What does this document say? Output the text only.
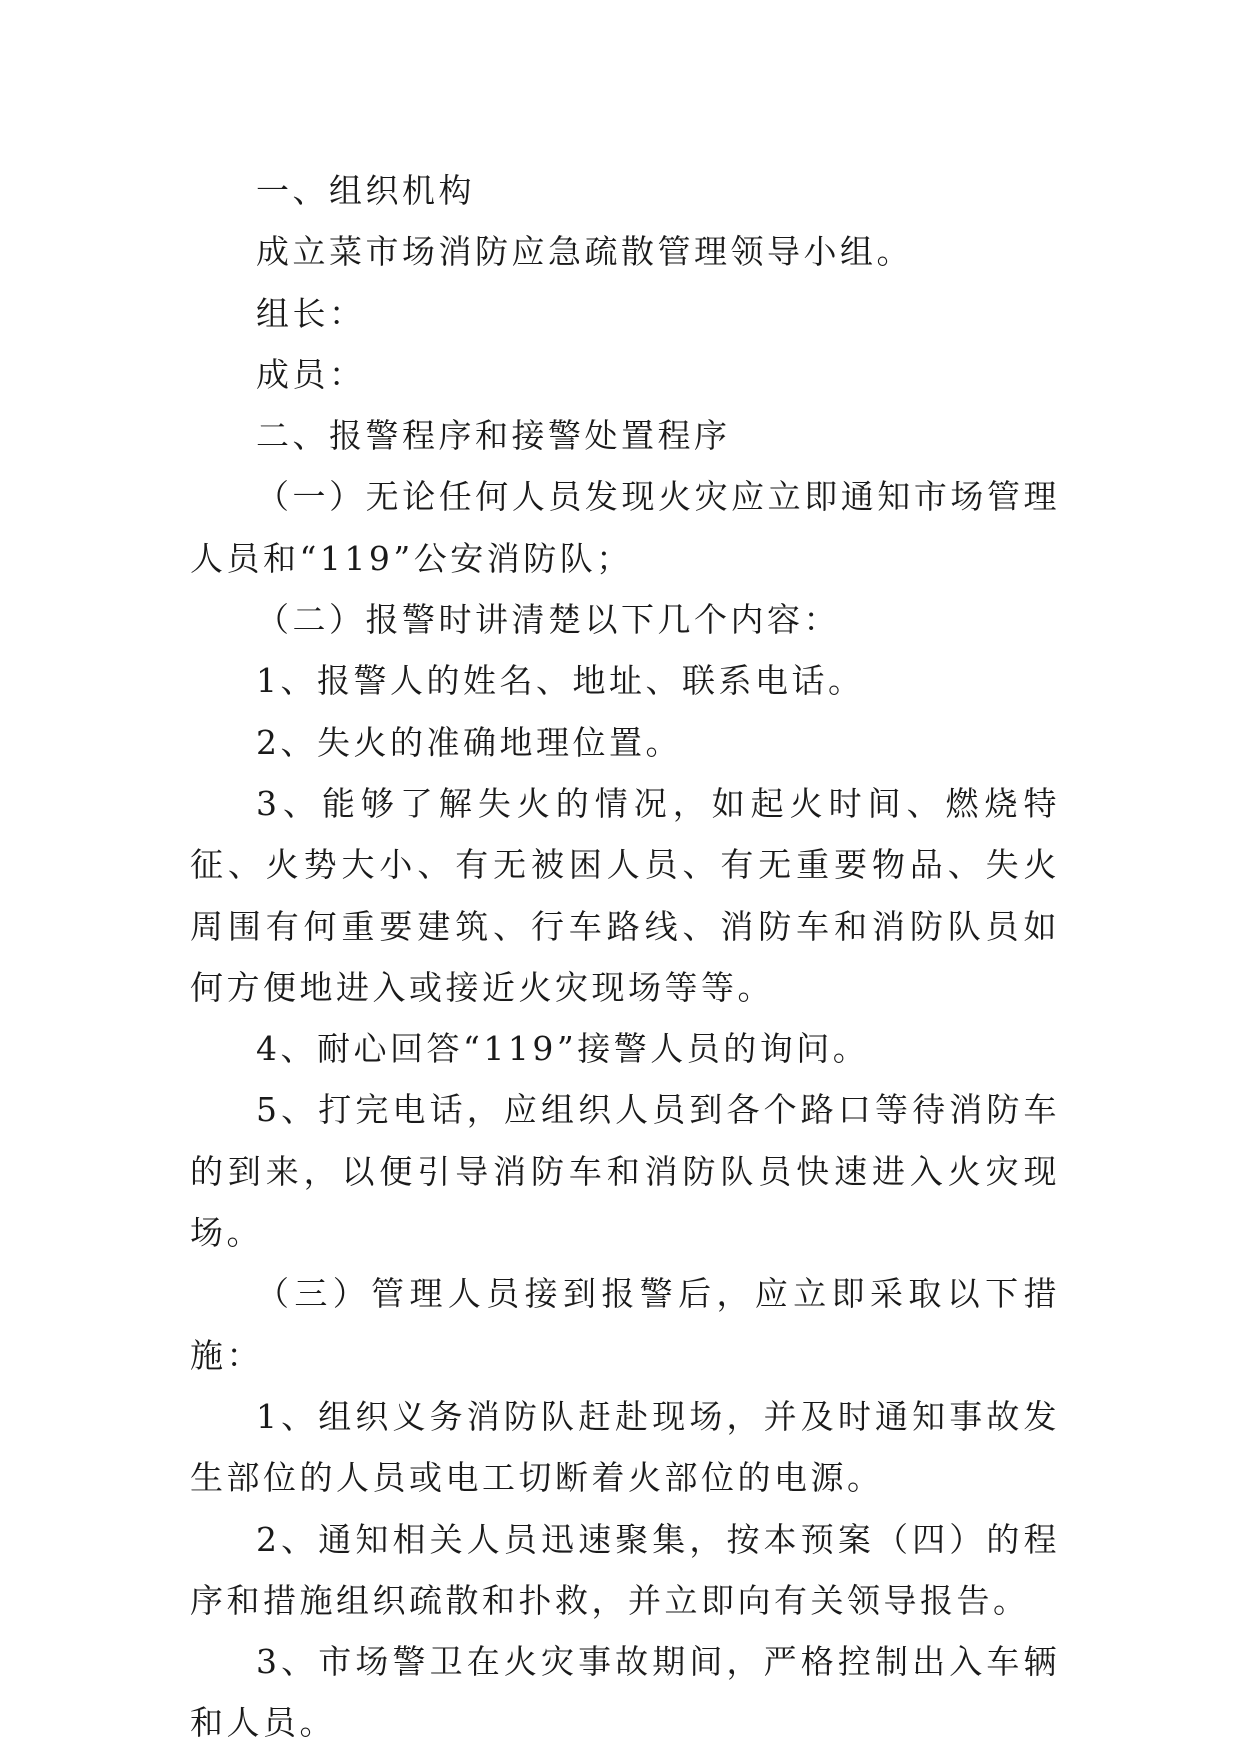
一、组织机构

成立菜市场消防应急疏散管理领导小组。

组长：

成员：

二、报警程序和接警处置程序

（一）无论任何人员发现火灾应立即通知市场管理人员和“119”公安消防队；

（二）报警时讲清楚以下几个内容：

1、报警人的姓名、地址、联系电话。

2、失火的准确地理位置。

3、能够了解失火的情况，如起火时间、燃烧特征、火势大小、有无被困人员、有无重要物品、失火周围有何重要建筑、行车路线、消防车和消防队员如何方便地进入或接近火灾现场等等。

4、耐心回答“119”接警人员的询问。

5、打完电话，应组织人员到各个路口等待消防车的到来，以便引导消防车和消防队员快速进入火灾现场。

（三）管理人员接到报警后，应立即采取以下措施：

1、组织义务消防队赶赴现场，并及时通知事故发生部位的人员或电工切断着火部位的电源。

2、通知相关人员迅速聚集，按本预案（四）的程序和措施组织疏散和扑救，并立即向有关领导报告。

3、市场警卫在火灾事故期间，严格控制出入车辆和人员。
